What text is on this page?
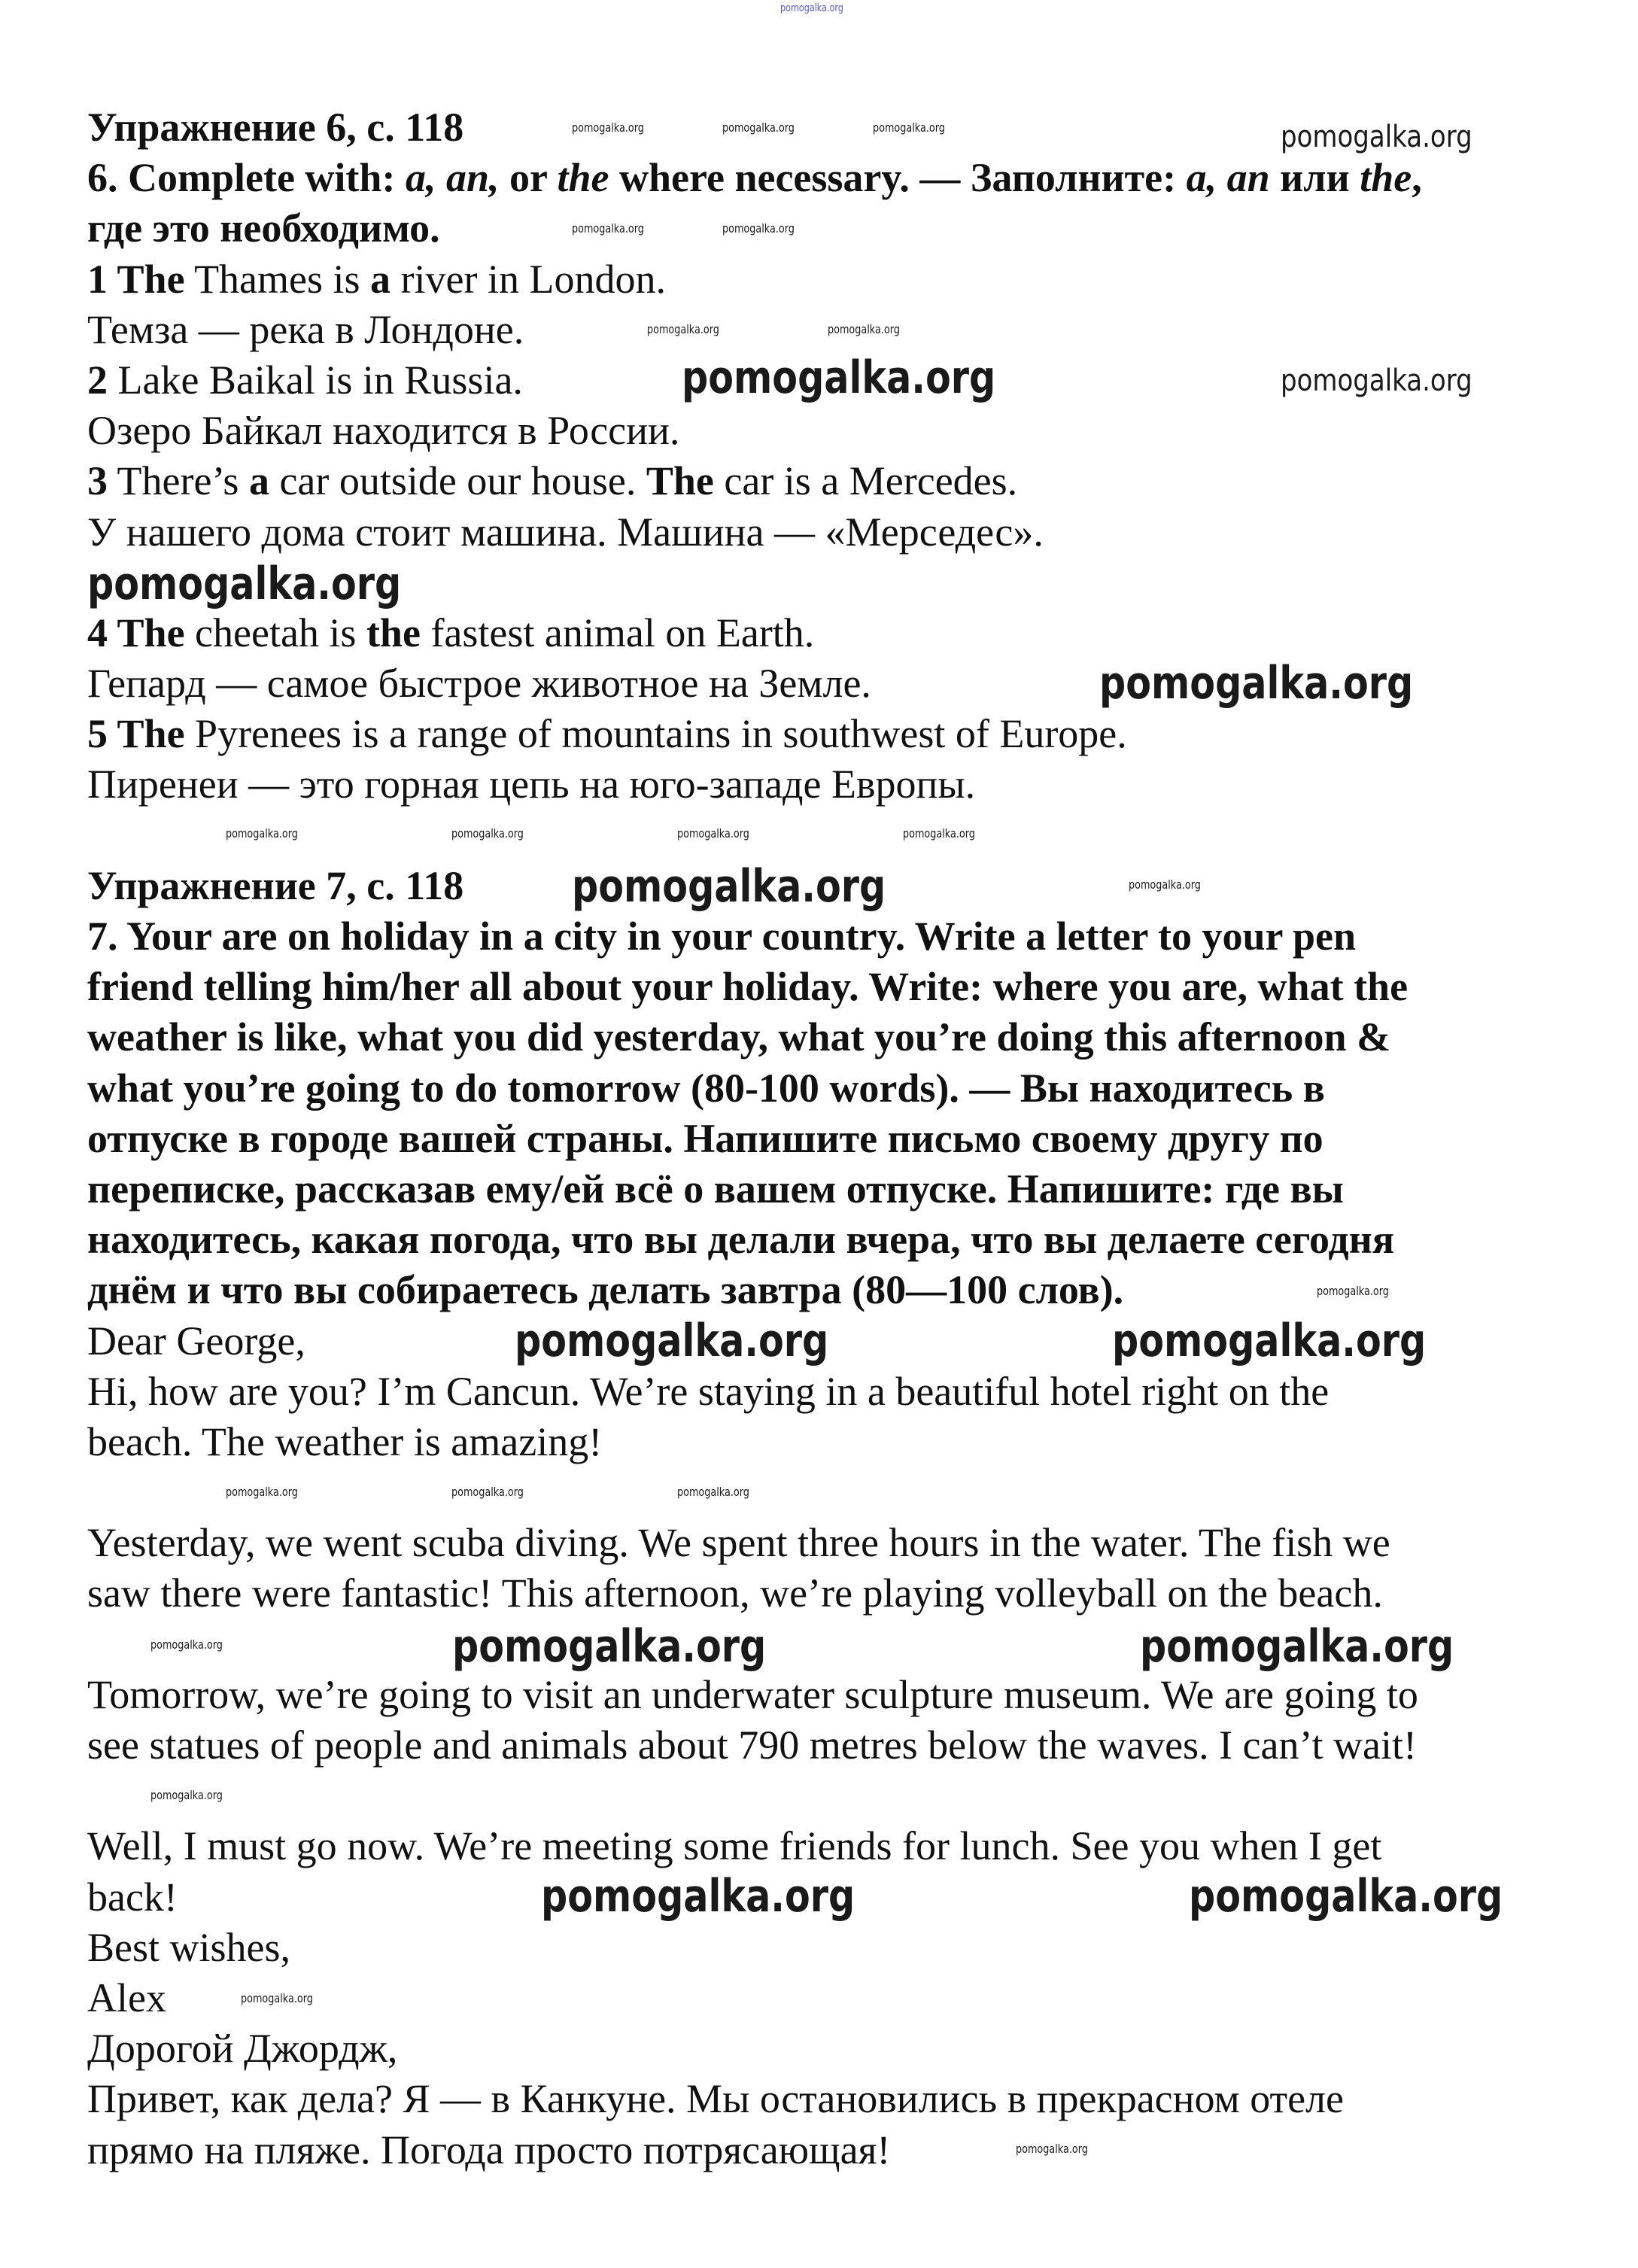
Упражнение 6, с. 118
6. Complete with: a, an, or the where necessary. — Заполните: a, an или the,
где это необходимо.
1 The Thames is a river in London.
Темза — река в Лондоне.
2 Lake Baikal is in Russia.
Озеро Байкал находится в России.
3 There’s a car outside our house. The car is a Mercedes.
У нашего дома стоит машина. Машина — «Мерседес».
4 The cheetah is the fastest animal on Earth.
Гепард — самое быстрое животное на Земле.
5 The Pyrenees is a range of mountains in southwest of Europe.
Пиренеи — это горная цепь на юго-западе Европы.
Упражнение 7, с. 118
7. Your are on holiday in a city in your country. Write a letter to your pen
friend telling him/her all about your holiday. Write: where you are, what the
weather is like, what you did yesterday, what you’re doing this afternoon &
what you’re going to do tomorrow (80-100 words). — Вы находитесь в
отпуске в городе вашей страны. Напишите письмо своему другу по
переписке, рассказав ему/ей всё о вашем отпуске. Напишите: где вы
находитесь, какая погода, что вы делали вчера, что вы делаете сегодня
днём и что вы собираетесь делать завтра (80—100 слов).
Dear George,
Hi, how are you? I’m Cancun. We’re staying in a beautiful hotel right on the
beach. The weather is amazing!
Yesterday, we went scuba diving. We spent three hours in the water. The fish we
saw there were fantastic! This afternoon, we’re playing volleyball on the beach.
Tomorrow, we’re going to visit an underwater sculpture museum. We are going to
see statues of people and animals about 790 metres below the waves. I can’t wait!
Well, I must go now. We’re meeting some friends for lunch. See you when I get
back!
Best wishes,
Alex
Дорогой Джордж,
Привет, как дела? Я — в Канкуне. Мы остановились в прекрасном отеле
прямо на пляже. Погода просто потрясающая!
pomogalka.org
pomogalka.org
pomogalka.org
pomogalka.org
pomogalka.org
pomogalka.org
pomogalka.org
pomogalka.org	pomogalka.org
pomogalka.org	pomogalka.org
pomogalka.org	pomogalka.org
pomogalka.org	pomogalka.org	pomogalka.org
pomogalka.org	pomogalka.org
pomogalka.org	pomogalka.org
pomogalka.org
pomogalka.org	pomogalka.org	pomogalka.org	pomogalka.org
pomogalka.org
pomogalka.org	pomogalka.org	pomogalka.org
pomogalka.org
pomogalka.org
pomogalka.org
pomogalka.org
